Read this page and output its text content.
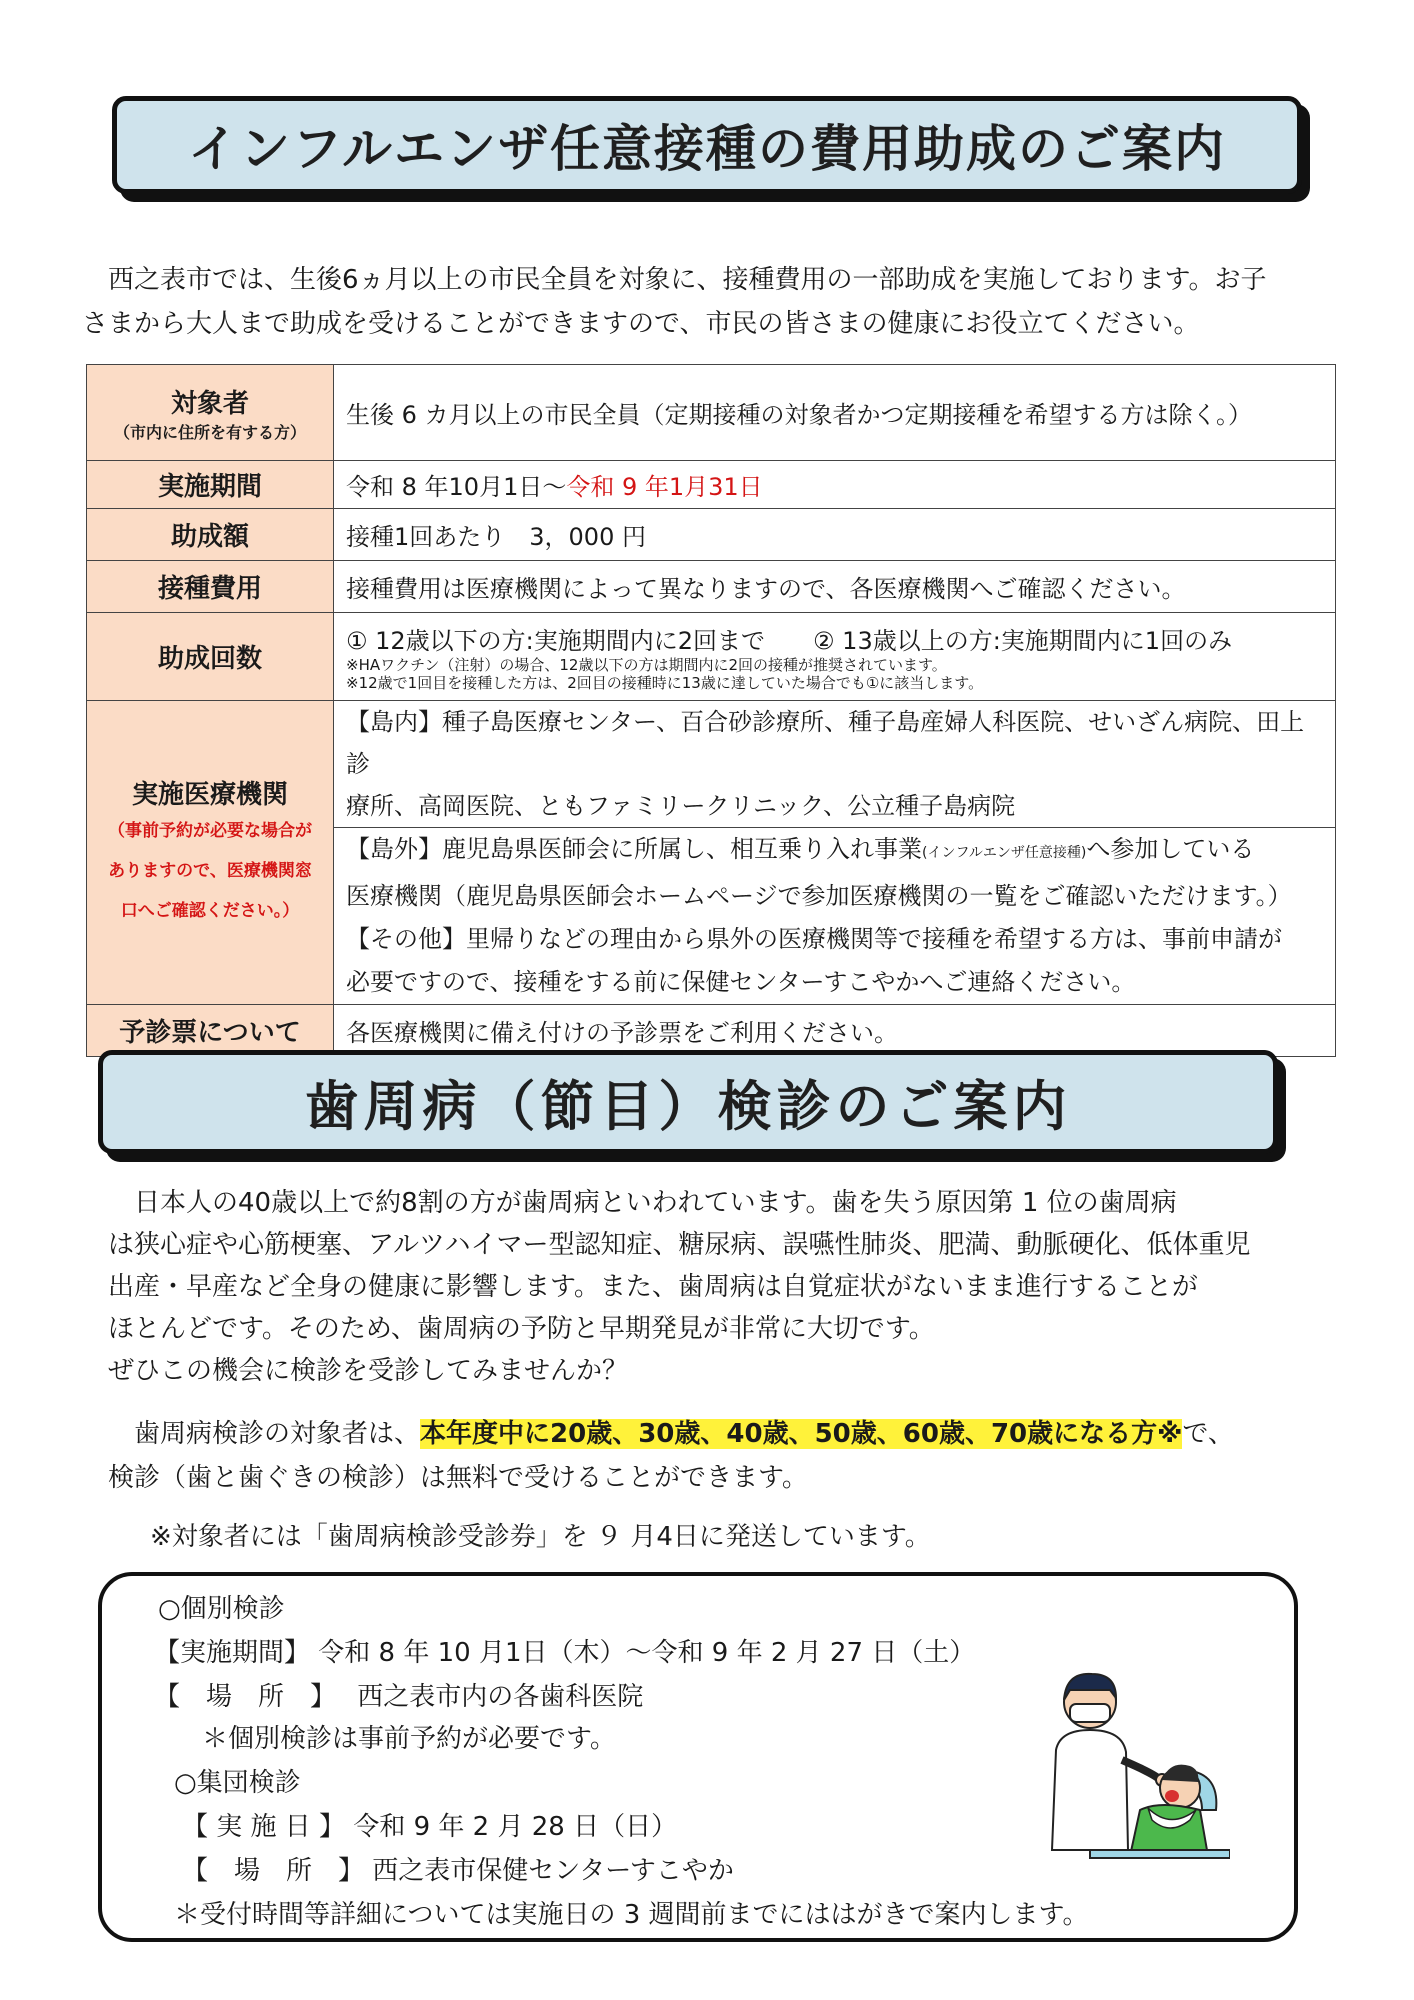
インフルエンザ任意接種の費用助成のご案内
　西之表市では、生後6ヵ月以上の市民全員を対象に、接種費用の一部助成を実施しております。お子
さまから大人まで助成を受けることができますので、市民の皆さまの健康にお役立てください。
対象者
（市内に住所を有する方）	生後 6 カ月以上の市民全員（定期接種の対象者かつ定期接種を希望する方は除く。）
実施期間	令和 8 年10月1日～令和 9 年1月31日
助成額	接種1回あたり　3，000 円
接種費用	接種費用は医療機関によって異なりますので、各医療機関へご確認ください。
助成回数	① 12歳以下の方:実施期間内に2回まで　　② 13歳以上の方:実施期間内に1回のみ
※HAワクチン（注射）の場合、12歳以下の方は期間内に2回の接種が推奨されています。
※12歳で1回目を接種した方は、2回目の接種時に13歳に達していた場合でも①に該当します。

実施医療機関
（事前予約が必要な場合が
ありますので、医療機関窓
口へご確認ください。）	【島内】種子島医療センター、百合砂診療所、種子島産婦人科医院、せいざん病院、田上診
療所、高岡医院、ともファミリークリニック、公立種子島病院
	【島外】鹿児島県医師会に所属し、相互乗り入れ事業(インフルエンザ任意接種)へ参加している
医療機関（鹿児島県医師会ホームページで参加医療機関の一覧をご確認いただけます。）
【その他】里帰りなどの理由から県外の医療機関等で接種を希望する方は、事前申請が
必要ですので、接種をする前に保健センターすこやかへご連絡ください。
予診票について	各医療機関に備え付けの予診票をご利用ください。
歯周病（節目）検診のご案内

　日本人の40歳以上で約8割の方が歯周病といわれています。歯を失う原因第 1 位の歯周病

は狭心症や心筋梗塞、アルツハイマー型認知症、糖尿病、誤嚥性肺炎、肥満、動脈硬化、低体重児

出産・早産など全身の健康に影響します。また、歯周病は自覚症状がないまま進行することが

ほとんどです。そのため、歯周病の予防と早期発見が非常に大切です。

ぜひこの機会に検診を受診してみませんか？

　歯周病検診の対象者は、本年度中に20歳、30歳、40歳、50歳、60歳、70歳になる方※で、
検診（歯と歯ぐきの検診）は無料で受けることができます。
※対象者には「歯周病検診受診券」を ９ 月4日に発送しています。
○個別検診
【実施期間】 令和 8 年 10 月1日（木）～令和 9 年 2 月 27 日（土）
【　場　所　】　 西之表市内の各歯科医院
＊個別検診は事前予約が必要です。
○集団検診
【 実 施 日 】 令和 9 年 2 月 28 日（日）
【　場　所　】 西之表市保健センターすこやか
＊受付時間等詳細については実施日の 3 週間前までにははがきで案内します。
